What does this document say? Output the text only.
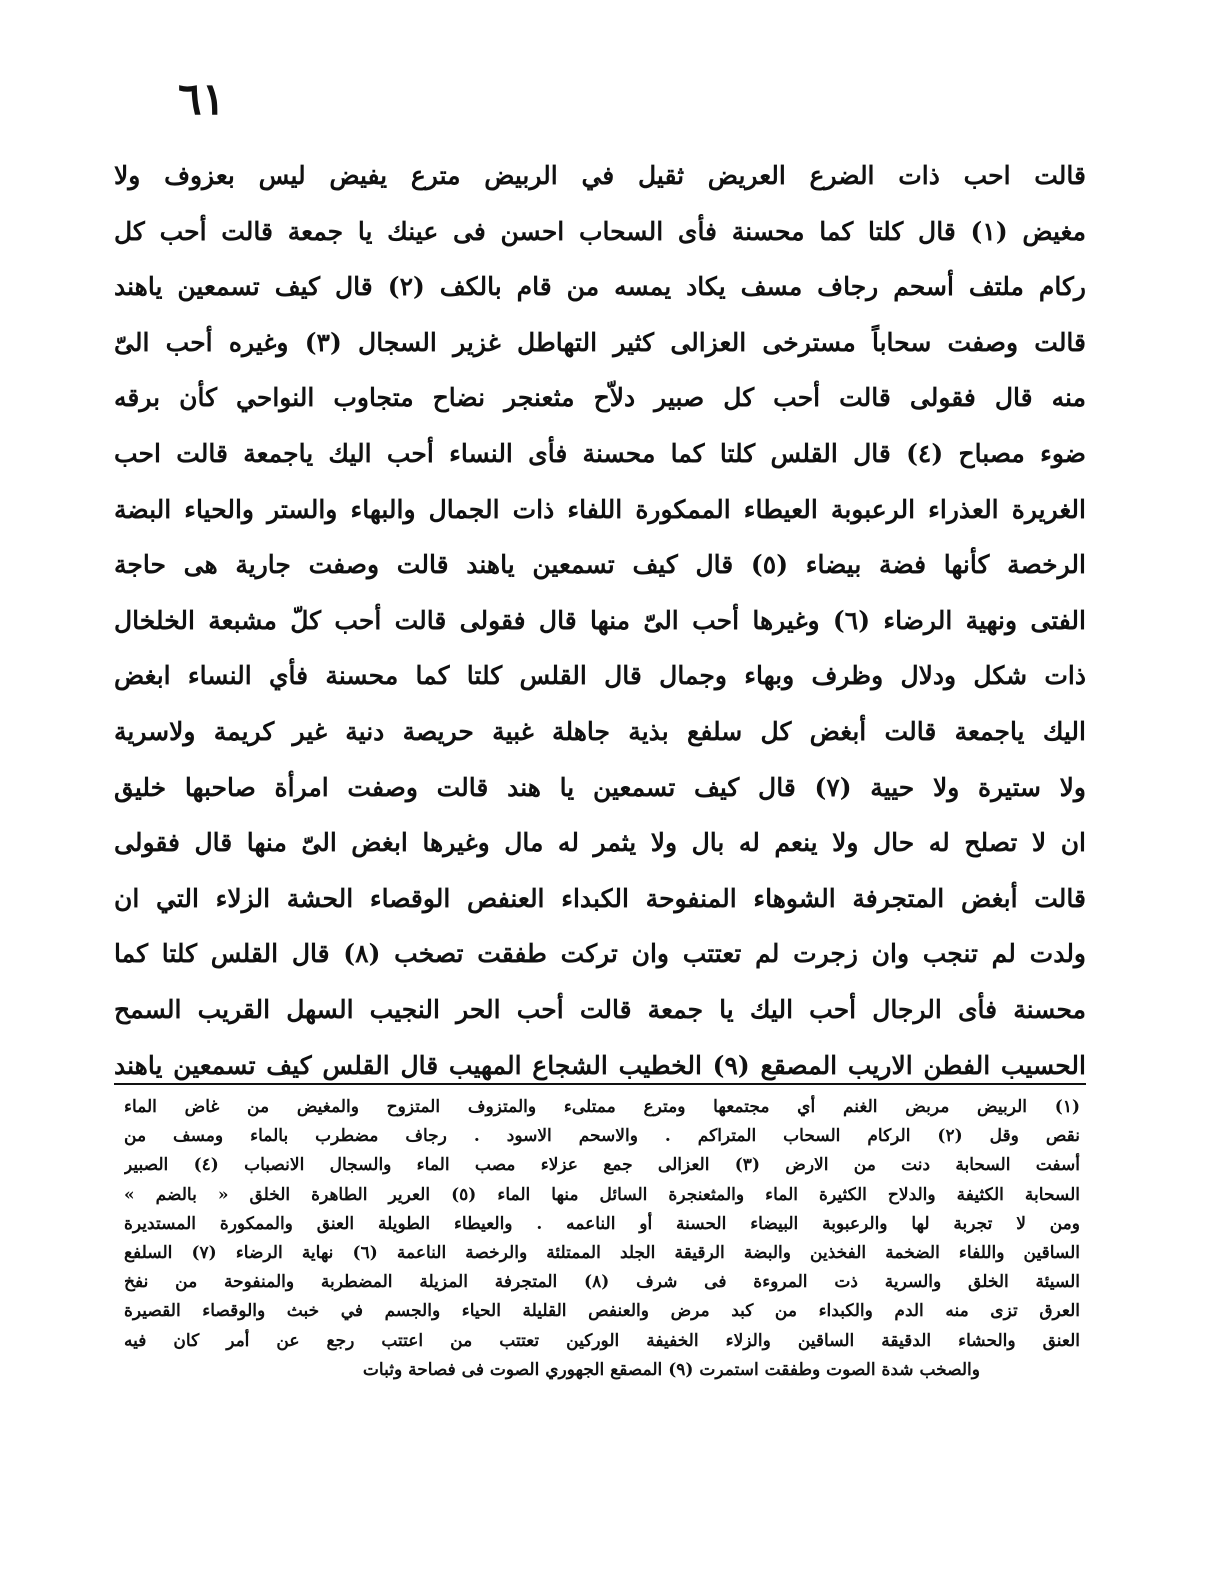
٦١
قالت احب ذات الضرع العريض ثقيل في الربيض مترع يفيض ليس بعزوف ولا
مغيض (١) قال كلتا كما محسنة فأى السحاب احسن فى عينك يا جمعة قالت أحب كل
ركام ملتف أسحم رجاف مسف يكاد يمسه من قام بالكف (٢) قال كيف تسمعين ياهند
قالت وصفت سحاباً مسترخى العزالى كثير التهاطل غزير السجال (٣) وغيره أحب الىّ
منه قال فقولى قالت أحب كل صبير دلاّح مثعنجر نضاح متجاوب النواحي كأن برقه
ضوء مصباح (٤) قال القلس كلتا كما محسنة فأى النساء أحب اليك ياجمعة قالت احب
الغريرة العذراء الرعبوبة العيطاء الممكورة اللفاء ذات الجمال والبهاء والستر والحياء البضة
الرخصة كأنها فضة بيضاء (٥) قال كيف تسمعين ياهند قالت وصفت جارية هى حاجة
الفتى ونهية الرضاء (٦) وغيرها أحب الىّ منها قال فقولى قالت أحب كلّ مشبعة الخلخال
ذات شكل ودلال وظرف وبهاء وجمال قال القلس كلتا كما محسنة فأي النساء ابغض
اليك ياجمعة قالت أبغض كل سلفع بذية جاهلة غبية حريصة دنية غير كريمة ولاسرية
ولا ستيرة ولا حيية (٧) قال كيف تسمعين يا هند قالت وصفت امرأة صاحبها خليق
ان لا تصلح له حال ولا ينعم له بال ولا يثمر له مال وغيرها ابغض الىّ منها قال فقولى
قالت أبغض المتجرفة الشوهاء المنفوحة الكبداء العنفص الوقصاء الحشة الزلاء التي ان
ولدت لم تنجب وان زجرت لم تعتتب وان تركت طفقت تصخب (٨) قال القلس كلتا كما
محسنة فأى الرجال أحب اليك يا جمعة قالت أحب الحر النجيب السهل القريب السمح
الحسيب الفطن الاريب المصقع (٩) الخطيب الشجاع المهيب قال القلس كيف تسمعين ياهند
(١) الربيض مربض الغنم أي مجتمعها ومترع ممتلىء والمتزوف المتزوح والمغيض من غاض الماء
نقص وقل (٢) الركام السحاب المتراكم . والاسحم الاسود . رجاف مضطرب بالماء ومسف من
أسفت السحابة دنت من الارض (٣) العزالى جمع عزلاء مصب الماء والسجال الانصباب (٤) الصبير
السحابة الكثيفة والدلاح الكثيرة الماء والمثعنجرة السائل منها الماء (٥) العرير الطاهرة الخلق « بالضم »
ومن لا تجربة لها والرعبوبة البيضاء الحسنة أو الناعمه . والعيطاء الطويلة العنق والممكورة المستديرة
الساقين واللفاء الضخمة الفخذين والبضة الرقيقة الجلد الممتلئة والرخصة الناعمة (٦) نهاية الرضاء (٧) السلفع
السيئة الخلق والسرية ذت المروءة فى شرف (٨) المتجرفة المزيلة المضطربة والمنفوحة من نفخ
العرق تزى منه الدم والكبداء من كبد مرض والعنفص القليلة الحياء والجسم في خبث والوقصاء القصيرة
العنق والحشاء الدقيقة الساقين والزلاء الخفيفة الوركين تعتتب من اعتتب رجع عن أمر كان فيه
والصخب شدة الصوت وطفقت استمرت (٩) المصقع الجهوري الصوت فى فصاحة وثبات
